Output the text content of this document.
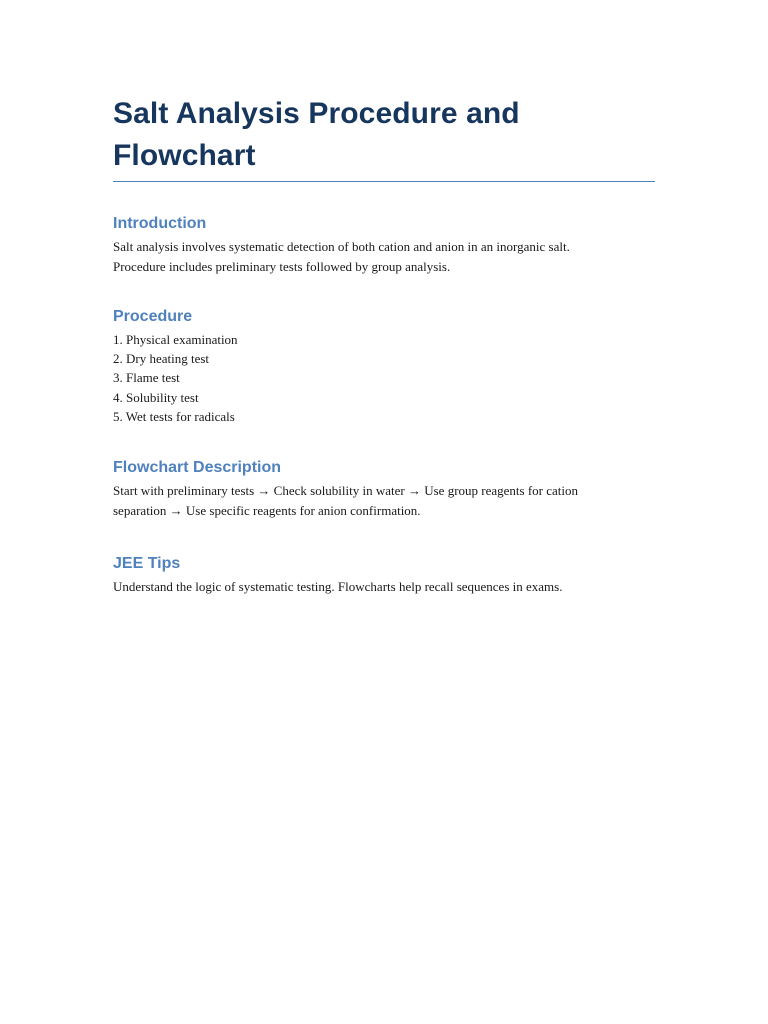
Salt Analysis Procedure and Flowchart
Introduction

Salt analysis involves systematic detection of both cation and anion in an inorganic salt.

Procedure includes preliminary tests followed by group analysis.

Procedure
1. Physical examination
2. Dry heating test
3. Flame test
4. Solubility test
5. Wet tests for radicals
Flowchart Description

Start with preliminary tests → Check solubility in water → Use group reagents for cation

separation → Use specific reagents for anion confirmation.

JEE Tips

Understand the logic of systematic testing. Flowcharts help recall sequences in exams.
